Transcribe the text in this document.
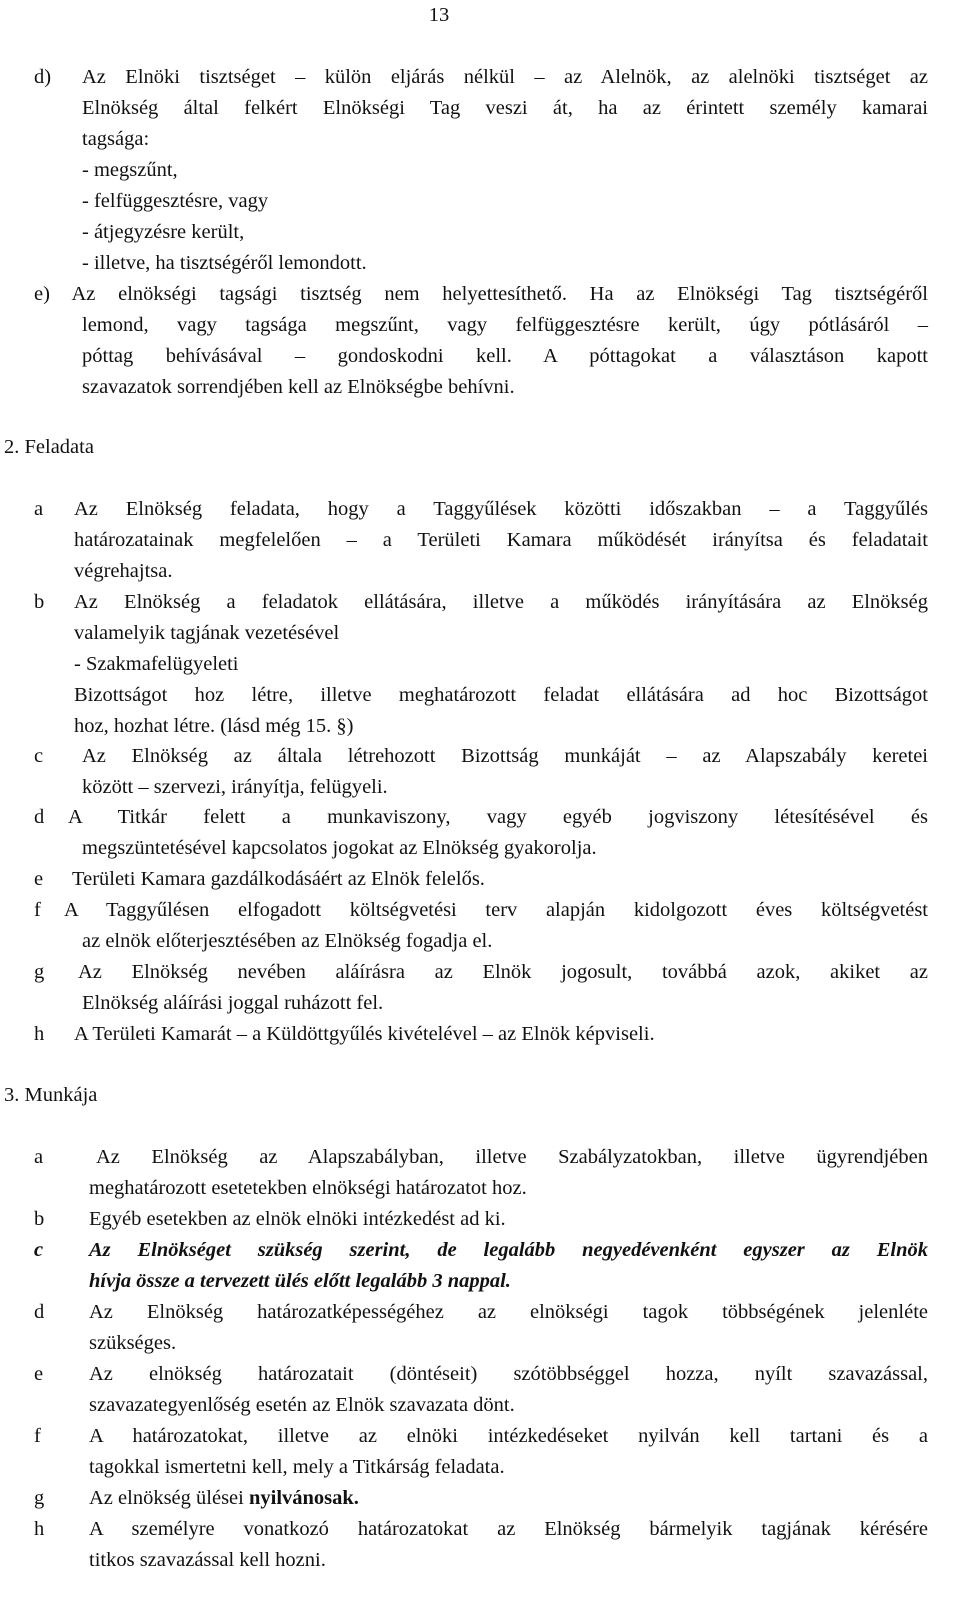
13
d) Az Elnöki tisztséget – külön eljárás nélkül – az Alelnök, az alelnöki tisztséget az
Elnökség által felkért Elnökségi Tag veszi át, ha az érintett személy kamarai
tagsága:
- megszűnt,
- felfüggesztésre, vagy
- átjegyzésre került,
- illetve, ha tisztségéről lemondott.
e) Az elnökségi tagsági tisztség nem helyettesíthető. Ha az Elnökségi Tag tisztségéről
lemond, vagy tagsága megszűnt, vagy felfüggesztésre került, úgy pótlásáról –
póttag behívásával – gondoskodni kell. A póttagokat a választáson kapott
szavazatok sorrendjében kell az Elnökségbe behívni.
2. Feladata
a Az Elnökség feladata, hogy a Taggyűlések közötti időszakban – a Taggyűlés
határozatainak megfelelően – a Területi Kamara működését irányítsa és feladatait
végrehajtsa.
b Az Elnökség a feladatok ellátására, illetve a működés irányítására az Elnökség
valamelyik tagjának vezetésével
- Szakmafelügyeleti
Bizottságot hoz létre, illetve meghatározott feladat ellátására ad hoc Bizottságot
hoz, hozhat létre. (lásd még 15. §)
c Az Elnökség az általa létrehozott Bizottság munkáját – az Alapszabály keretei
között – szervezi, irányítja, felügyeli.
d A Titkár felett a munkaviszony, vagy egyéb jogviszony létesítésével és
megszüntetésével kapcsolatos jogokat az Elnökség gyakorolja.
e Területi Kamara gazdálkodásáért az Elnök felelős.
f A Taggyűlésen elfogadott költségvetési terv alapján kidolgozott éves költségvetést
az elnök előterjesztésében az Elnökség fogadja el.
g Az Elnökség nevében aláírásra az Elnök jogosult, továbbá azok, akiket az
Elnökség aláírási joggal ruházott fel.
h A Területi Kamarát – a Küldöttgyűlés kivételével – az Elnök képviseli.
3. Munkája
a	Az Elnökség az Alapszabályban, illetve Szabályzatokban, illetve ügyrendjében
meghatározott esetetekben elnökségi határozatot hoz.
b Egyéb esetekben az elnök elnöki intézkedést ad ki.
c Az Elnökséget szükség szerint, de legalább negyedévenként egyszer az Elnök
hívja össze a tervezett ülés előtt legalább 3 nappal.
d Az Elnökség határozatképességéhez az elnökségi tagok többségének jelenléte
szükséges.
e Az elnökség határozatait (döntéseit) szótöbbséggel hozza, nyílt szavazással,
szavazategyenlőség esetén az Elnök szavazata dönt.
f A határozatokat, illetve az elnöki intézkedéseket nyilván kell tartani és a
tagokkal ismertetni kell, mely a Titkárság feladata.
g Az elnökség ülései nyilvánosak.
h A személyre vonatkozó határozatokat az Elnökség bármelyik tagjának kérésére
titkos szavazással kell hozni.
